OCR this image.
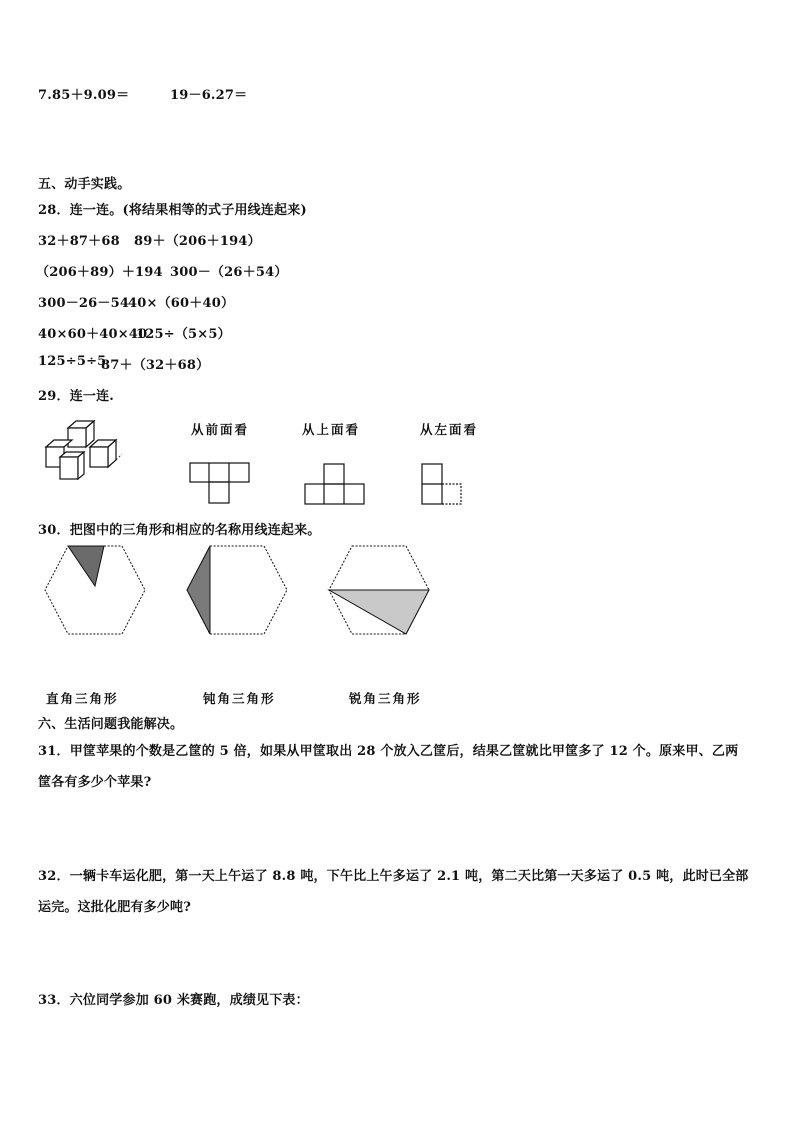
7.85＋9.09＝	19－6.27＝
五、动手实践。
28．连一连。(将结果相等的式子用线连起来)
32＋87＋68 89＋（206＋194）
（206＋89）＋194 300－（26＋54）
300－26－54
40×（60＋40）
40×60＋40×40
125÷（5×5）
125÷5÷5
87＋（32＋68）
29．连一连.
从前面看	从上面看	从左面看
30．把图中的三角形和相应的名称用线连起来。
直角三角形	钝角三角形	锐角三角形
六、生活问题我能解决。
31．甲筐苹果的个数是乙筐的 5 倍，如果从甲筐取出 28 个放入乙筐后，结果乙筐就比甲筐多了 12 个。原来甲、乙两
筐各有多少个苹果?
32．一辆卡车运化肥，第一天上午运了 8.8 吨，下午比上午多运了 2.1 吨，第二天比第一天多运了 0.5 吨，此时已全部
运完。这批化肥有多少吨?
33．六位同学参加 60 米赛跑，成绩见下表：
